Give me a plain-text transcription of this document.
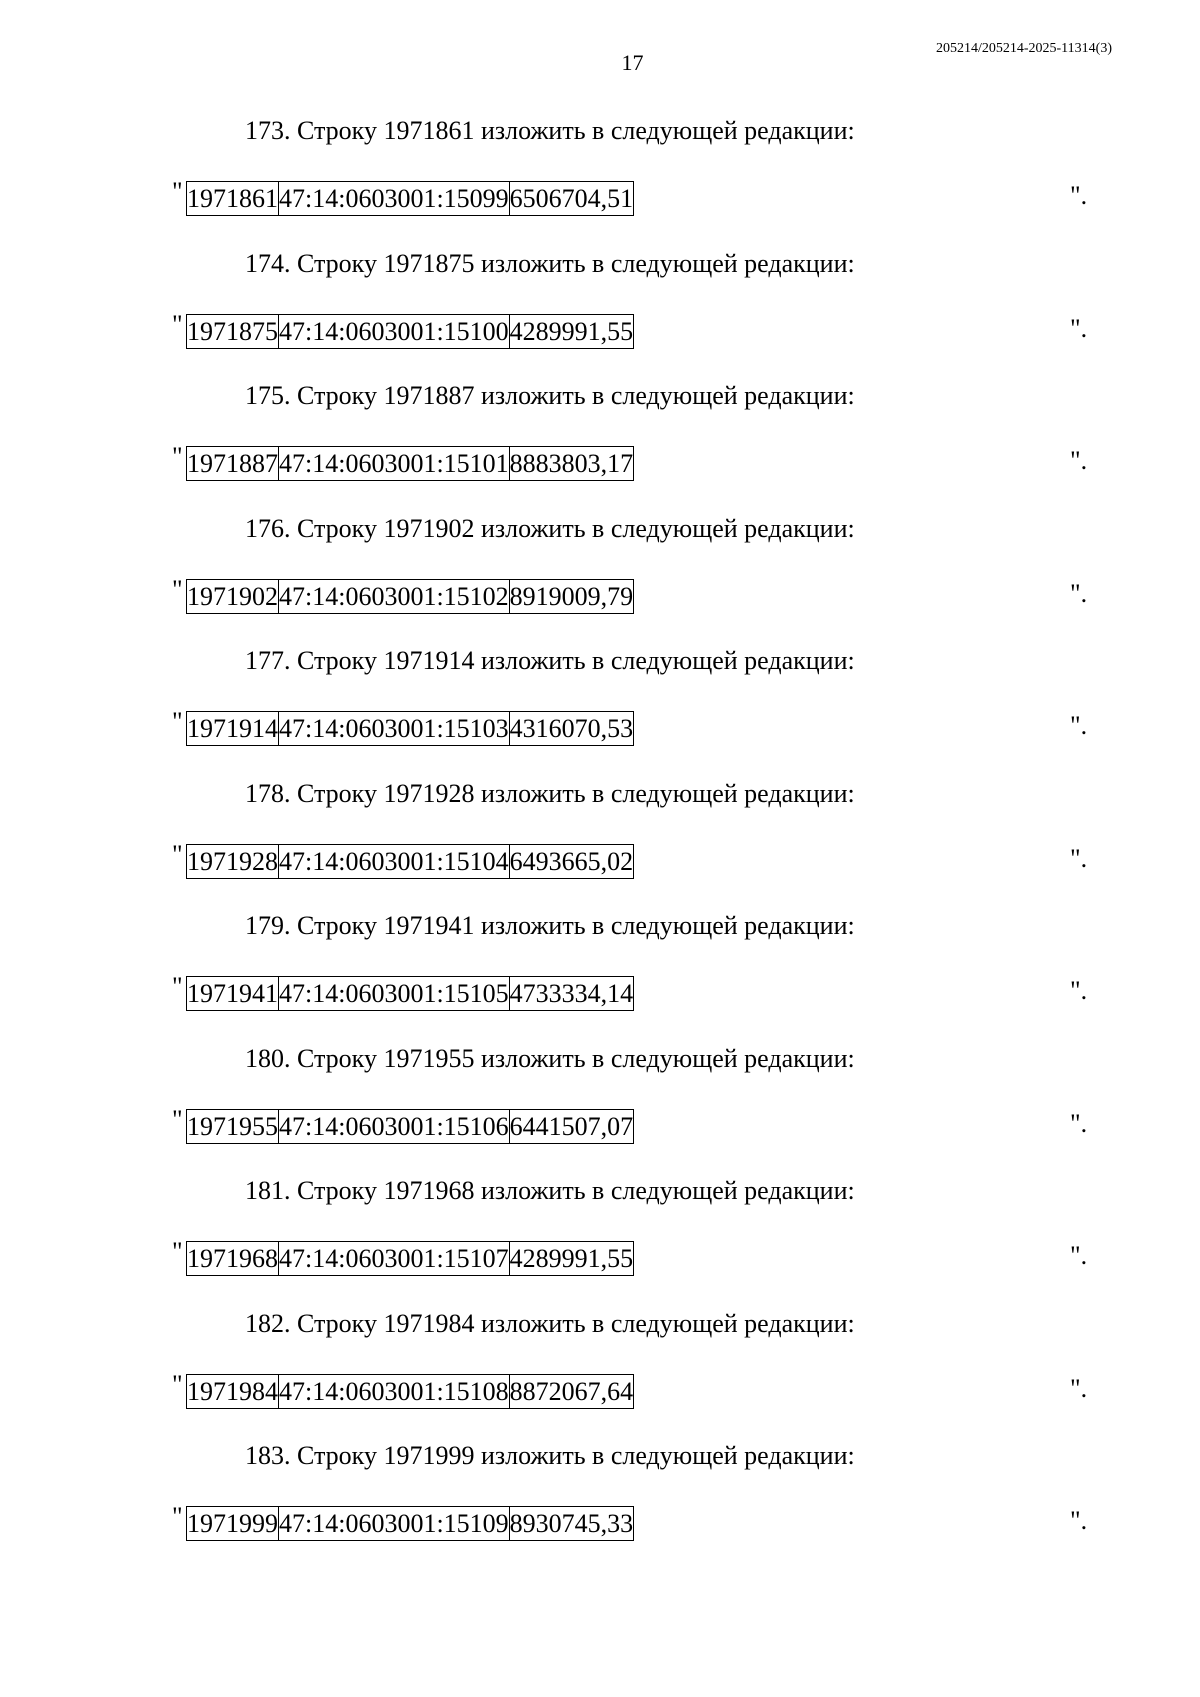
17
205214/205214-2025-11314(3)
173. Строку 1971861 изложить в следующей редакции:
" 1971861	47:14:0603001:15099	6506704,51	".
174. Строку 1971875 изложить в следующей редакции:
" 1971875	47:14:0603001:15100	4289991,55	".
175. Строку 1971887 изложить в следующей редакции:
" 1971887	47:14:0603001:15101	8883803,17	".
176. Строку 1971902 изложить в следующей редакции:
" 1971902	47:14:0603001:15102	8919009,79	".
177. Строку 1971914 изложить в следующей редакции:
" 1971914	47:14:0603001:15103	4316070,53	".
178. Строку 1971928 изложить в следующей редакции:
" 1971928	47:14:0603001:15104	6493665,02	".
179. Строку 1971941 изложить в следующей редакции:
" 1971941	47:14:0603001:15105	4733334,14	".
180. Строку 1971955 изложить в следующей редакции:
" 1971955	47:14:0603001:15106	6441507,07	".
181. Строку 1971968 изложить в следующей редакции:
" 1971968	47:14:0603001:15107	4289991,55	".
182. Строку 1971984 изложить в следующей редакции:
" 1971984	47:14:0603001:15108	8872067,64	".
183. Строку 1971999 изложить в следующей редакции:
" 1971999	47:14:0603001:15109	8930745,33	".
